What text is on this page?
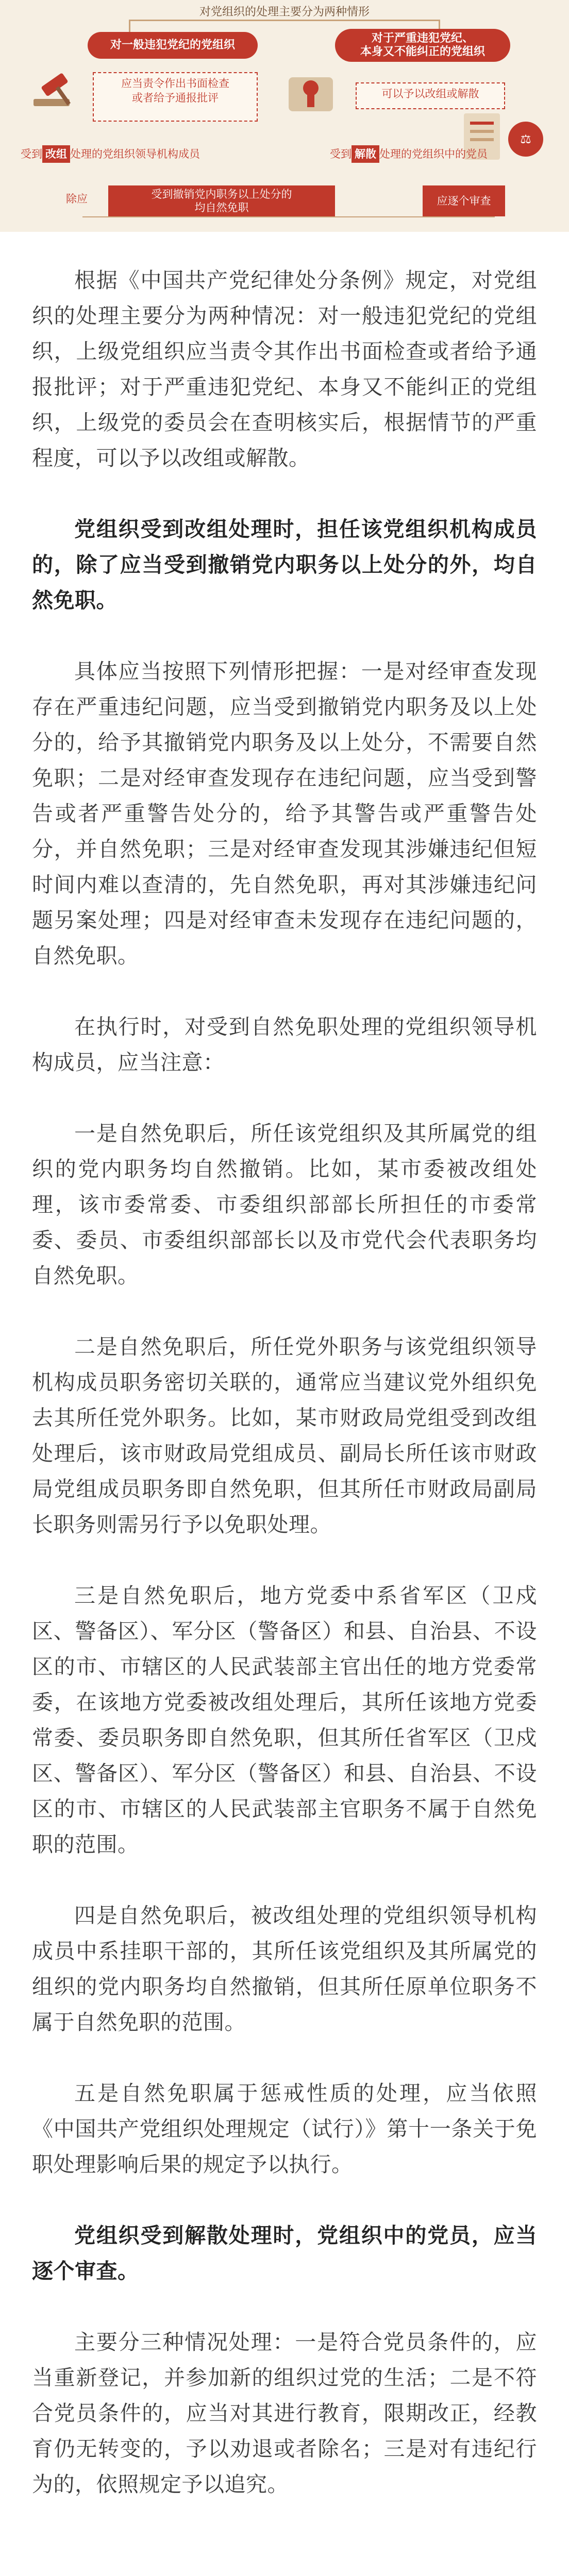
对党组织的处理主要分为两种情形
对一般违犯党纪的党组织
对于严重违犯党纪、
本身又不能纠正的党组织
应当责令作出书面检查
或者给予通报批评	可以予以改组或解散
⚖
受到 改组 处理的党组织领导机构成员	受到 解散 处理的党组织中的党员
除应	受到撤销党内职务以上处分的
均自然免职
应逐个审查

根据《中国共产党纪律处分条例》规定，对党组织的处理主要分为两种情况：对一般违犯党纪的党组织，上级党组织应当责令其作出书面检查或者给予通报批评；对于严重违犯党纪、本身又不能纠正的党组织，上级党的委员会在查明核实后，根据情节的严重程度，可以予以改组或解散。

党组织受到改组处理时，担任该党组织机构成员的，除了应当受到撤销党内职务以上处分的外，均自然免职。

具体应当按照下列情形把握：一是对经审查发现存在严重违纪问题，应当受到撤销党内职务及以上处分的，给予其撤销党内职务及以上处分，不需要自然免职；二是对经审查发现存在违纪问题，应当受到警告或者严重警告处分的，给予其警告或严重警告处分，并自然免职；三是对经审查发现其涉嫌违纪但短时间内难以查清的，先自然免职，再对其涉嫌违纪问题另案处理；四是对经审查未发现存在违纪问题的，自然免职。

在执行时，对受到自然免职处理的党组织领导机构成员，应当注意：

一是自然免职后，所任该党组织及其所属党的组织的党内职务均自然撤销。比如，某市委被改组处理，该市委常委、市委组织部部长所担任的市委常委、委员、市委组织部部长以及市党代会代表职务均自然免职。

二是自然免职后，所任党外职务与该党组织领导机构成员职务密切关联的，通常应当建议党外组织免去其所任党外职务。比如，某市财政局党组受到改组处理后，该市财政局党组成员、副局长所任该市财政局党组成员职务即自然免职，但其所任市财政局副局长职务则需另行予以免职处理。

三是自然免职后，地方党委中系省军区（卫戍区、警备区）、军分区（警备区）和县、自治县、不设区的市、市辖区的人民武装部主官出任的地方党委常委，在该地方党委被改组处理后，其所任该地方党委常委、委员职务即自然免职，但其所任省军区（卫戍区、警备区）、军分区（警备区）和县、自治县、不设区的市、市辖区的人民武装部主官职务不属于自然免职的范围。

四是自然免职后，被改组处理的党组织领导机构成员中系挂职干部的，其所任该党组织及其所属党的组织的党内职务均自然撤销，但其所任原单位职务不属于自然免职的范围。

五是自然免职属于惩戒性质的处理，应当依照《中国共产党组织处理规定（试行）》第十一条关于免职处理影响后果的规定予以执行。

党组织受到解散处理时，党组织中的党员，应当逐个审查。

主要分三种情况处理：一是符合党员条件的，应当重新登记，并参加新的组织过党的生活；二是不符合党员条件的，应当对其进行教育，限期改正，经教育仍无转变的，予以劝退或者除名；三是对有违纪行为的，依照规定予以追究。
